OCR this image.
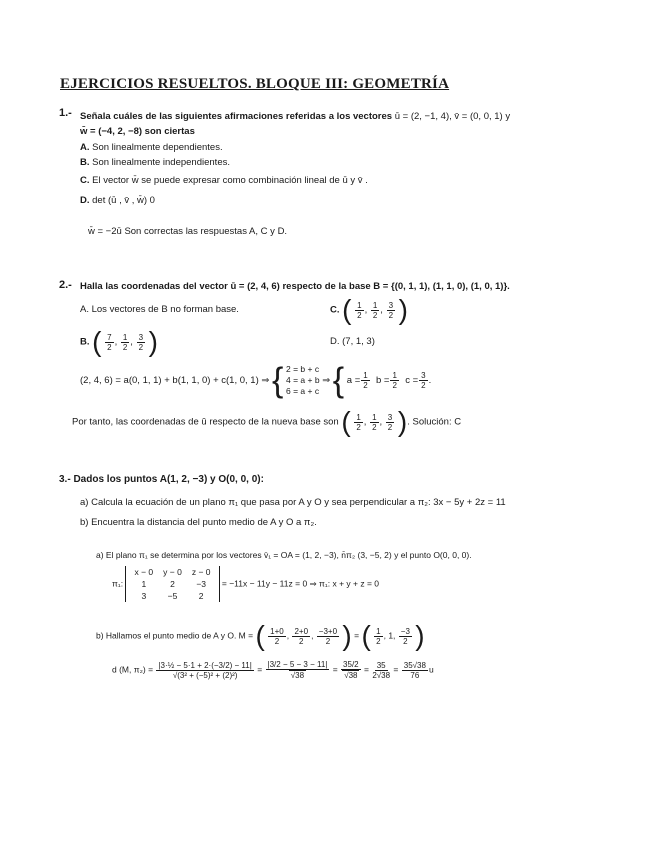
EJERCICIOS RESUELTOS. BLOQUE III: GEOMETRÍA
1.- Señala cuáles de las siguientes afirmaciones referidas a los vectores ū = (2, −1, 4), v̄ = (0, 0, 1) y
w̄ = (−4, 2, −8) son ciertas
A. Son linealmente dependientes.
B. Son linealmente independientes.
C. El vector w̄ se puede expresar como combinación lineal de ū y v̄ .
D. det (ū , v̄ , w̄) 0
w̄ = −2ū Son correctas las respuestas A, C y D.
2.- Halla las coordenadas del vector ū = (2, 4, 6) respecto de la base B = {(0, 1, 1), (1, 1, 0), (1, 0, 1)}.
A. Los vectores de B no forman base.	C. ( $\frac{1}{2}$ , $\frac{1}{2}$ , $\frac{3}{2}$ )
B. ( $\frac{7}{2}$ , $\frac{1}{2}$ , $\frac{3}{2}$ )	D. (7, 1, 3)
(2, 4, 6) = a(0, 1, 1) + b(1, 1, 0) + c(1, 0, 1) ⇒ { 2 = b + c
4 = a + b
6 = a + c ⇒ { $a = \frac{1}{2}$ $b = \frac{1}{2}$ $c = \frac{3}{2}$ .
Por tanto, las coordenadas de ū respecto de la nueva base son ( $\frac{1}{2}$ , $\frac{1}{2}$ , $\frac{3}{2}$ ). Solución: C
3.- Dados los puntos A(1, 2, −3) y O(0, 0, 0):
a) Calcula la ecuación de un plano π₁ que pasa por A y O y sea perpendicular a π₂: 3x − 5y + 2z = 11
b) Encuentra la distancia del punto medio de A y O a π₂.
a) El plano π₁ se determina por los vectores v̄₁ = OA = (1, 2, −3), n̄π₂ (3, −5, 2) y el punto O(0, 0, 0).
π₁:
x − 0	y − 0	z − 0
1	2	−3
3	−5	2
= −11x − 11y − 11z = 0 ⇒ π₁: x + y + z = 0
b) Hallamos el punto medio de A y O. M = ( $\frac{1+0}{2}$ , $\frac{2+0}{2}$ , $\frac{-3+0}{2}$ ) = ( $\frac{1}{2}$ , 1, $\frac{-3}{2}$ )
d (M, $\pi_2) = \frac{\text{|3·½ − 5·1 + 2·(−3/2) − 11|}}{\text{√(3² + (−5)² + (2)²)}} = \frac{|3/2 - 5 - 3 - 11|}{√38} = \frac{35/2}{√38} = \frac{35}{2√38} = \frac{35√38}{76}$ u
